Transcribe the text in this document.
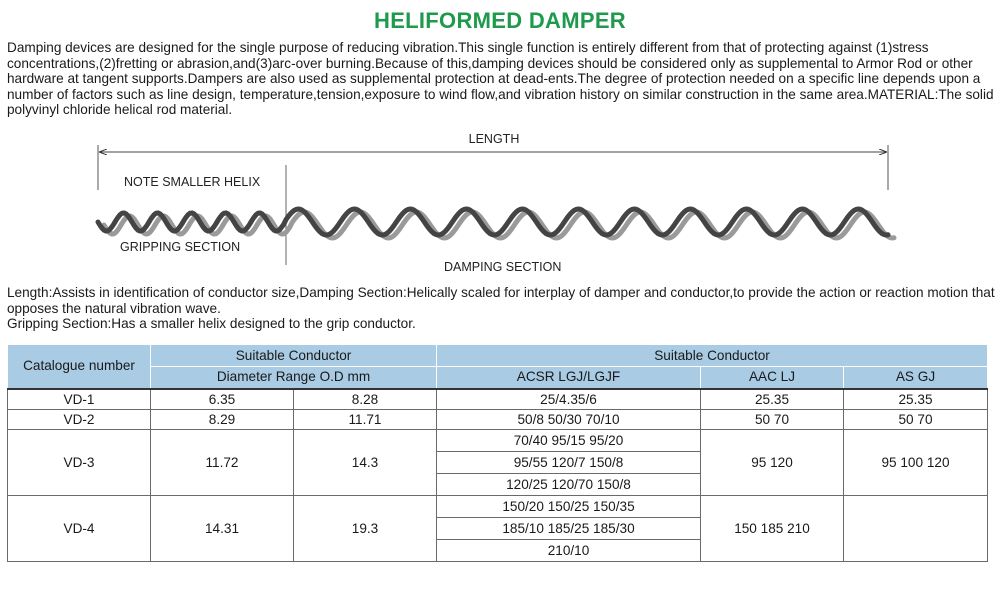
HELIFORMED DAMPER

Damping devices are designed for the single purpose of reducing vibration.This single function is entirely different from that of protecting against (1)stress concentrations,(2)fretting or abrasion,and(3)arc-over burning.Because of this,damping devices should be considered only as supplemental to Armor Rod or other hardware at tangent supports.Dampers are also used as supplemental protection at dead-ents.The degree of protection needed on a specific line depends upon a number of factors such as line design, temperature,tension,exposure to wind flow,and vibration history on similar construction in the same area.MATERIAL:The solid polyvinyl chloride helical rod material.

LENGTH
NOTE SMALLER HELIX
GRIPPING SECTION
DAMPING SECTION

Length:Assists in identification of conductor size,Damping Section:Helically scaled for interplay of damper and conductor,to provide the action or reaction motion that opposes the natural vibration wave.

Gripping Section:Has a smaller helix designed to the grip conductor.

Catalogue number	Suitable Conductor		Suitable Conductor		
	Diameter Range O.D mm		ACSR LGJ/LGJF	AAC LJ	AS GJ
VD-1	6.35	8.28	25/4.35/6	25.35	25.35
VD-2	8.29	11.71	50/8 50/30 70/10	50 70	50 70
VD-3	11.72	14.3	70/40 95/15 95/20	95 120	95 100 120
			95/55 120/7 150/8		
			120/25 120/70 150/8		
VD-4	14.31	19.3	150/20 150/25 150/35	150 185 210	
			185/10 185/25 185/30		
			210/10		
